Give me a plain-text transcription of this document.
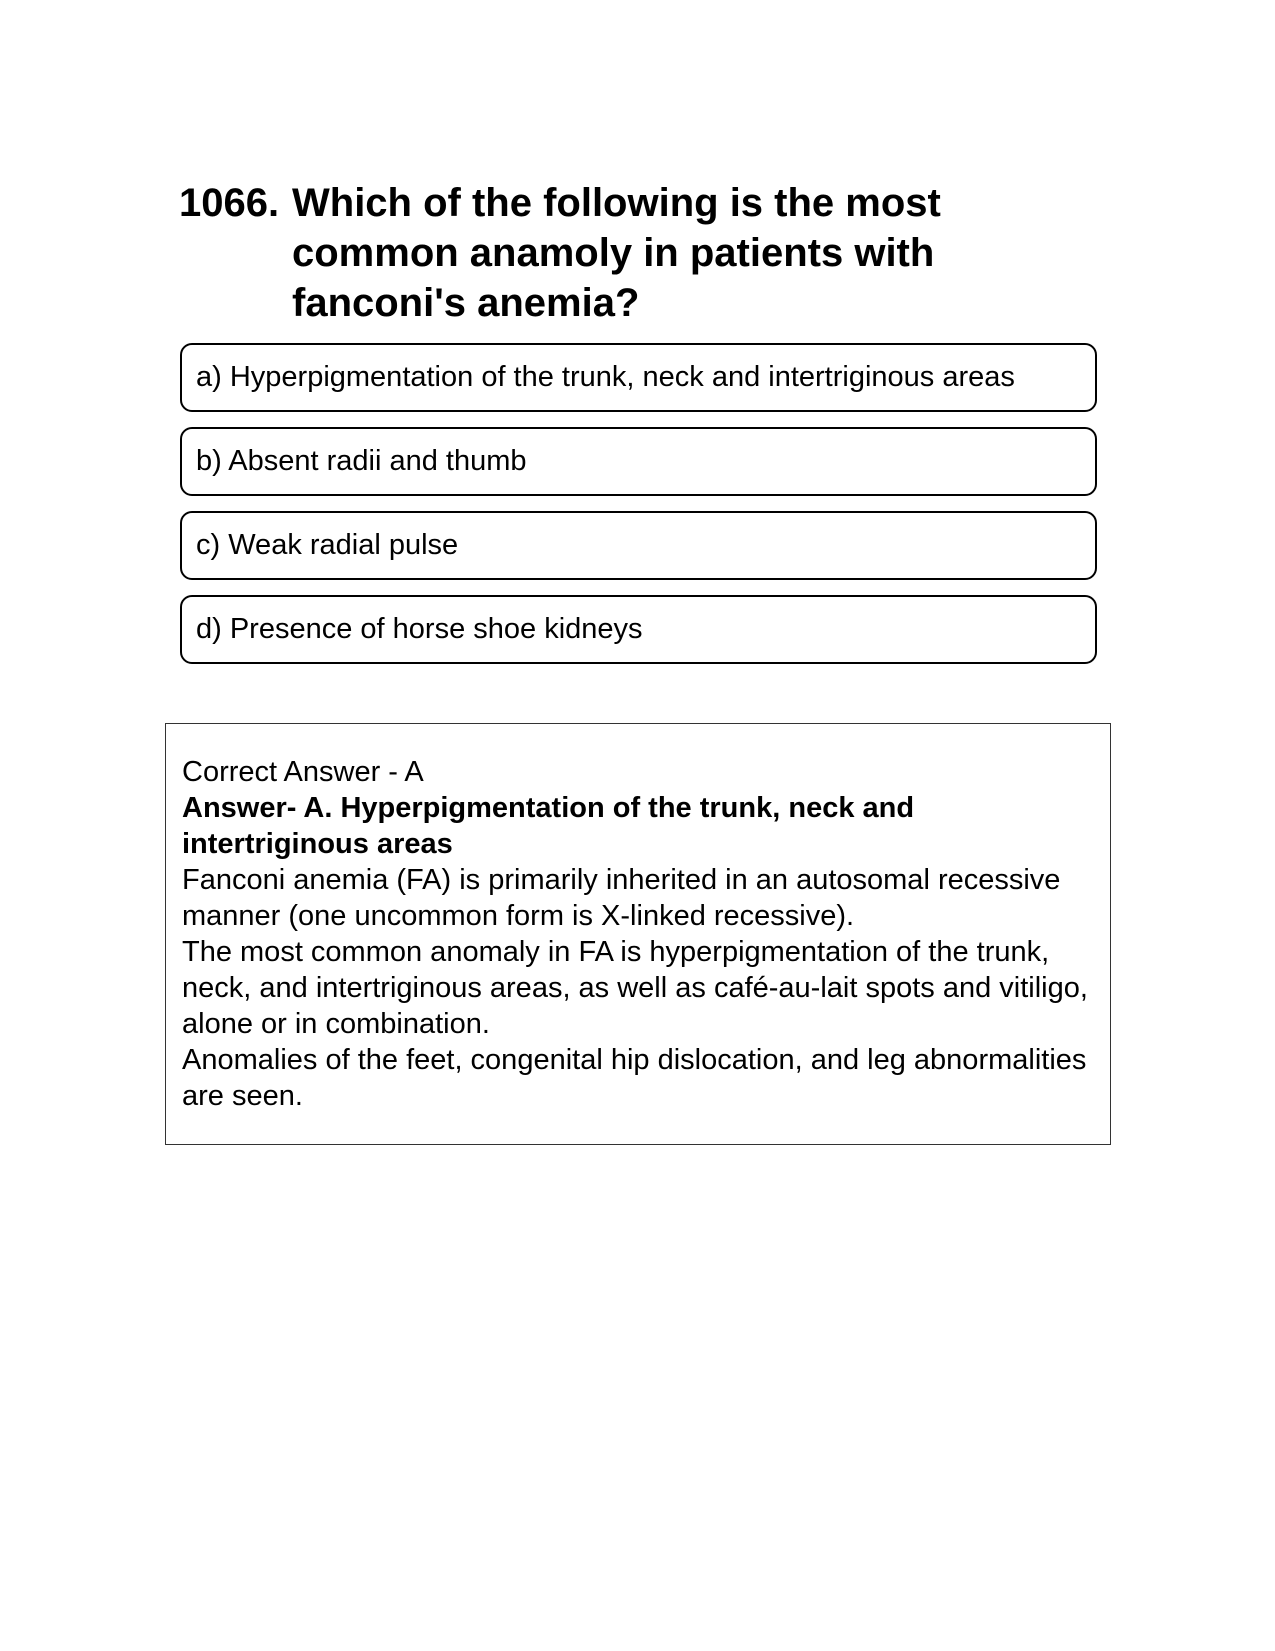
1066. Which of the following is the most common anamoly in patients with fanconi's anemia?
a) Hyperpigmentation of the trunk, neck and intertriginous areas
b) Absent radii and thumb
c) Weak radial pulse
d) Presence of horse shoe kidneys

Correct Answer - A

Answer- A. Hyperpigmentation of the trunk, neck and intertriginous areas

Fanconi anemia (FA) is primarily inherited in an autosomal recessive manner (one uncommon form is X-linked recessive).

The most common anomaly in FA is hyperpigmentation of the trunk, neck, and intertriginous areas, as well as café-au-lait spots and vitiligo, alone or in combination.

Anomalies of the feet, congenital hip dislocation, and leg abnormalities are seen.
